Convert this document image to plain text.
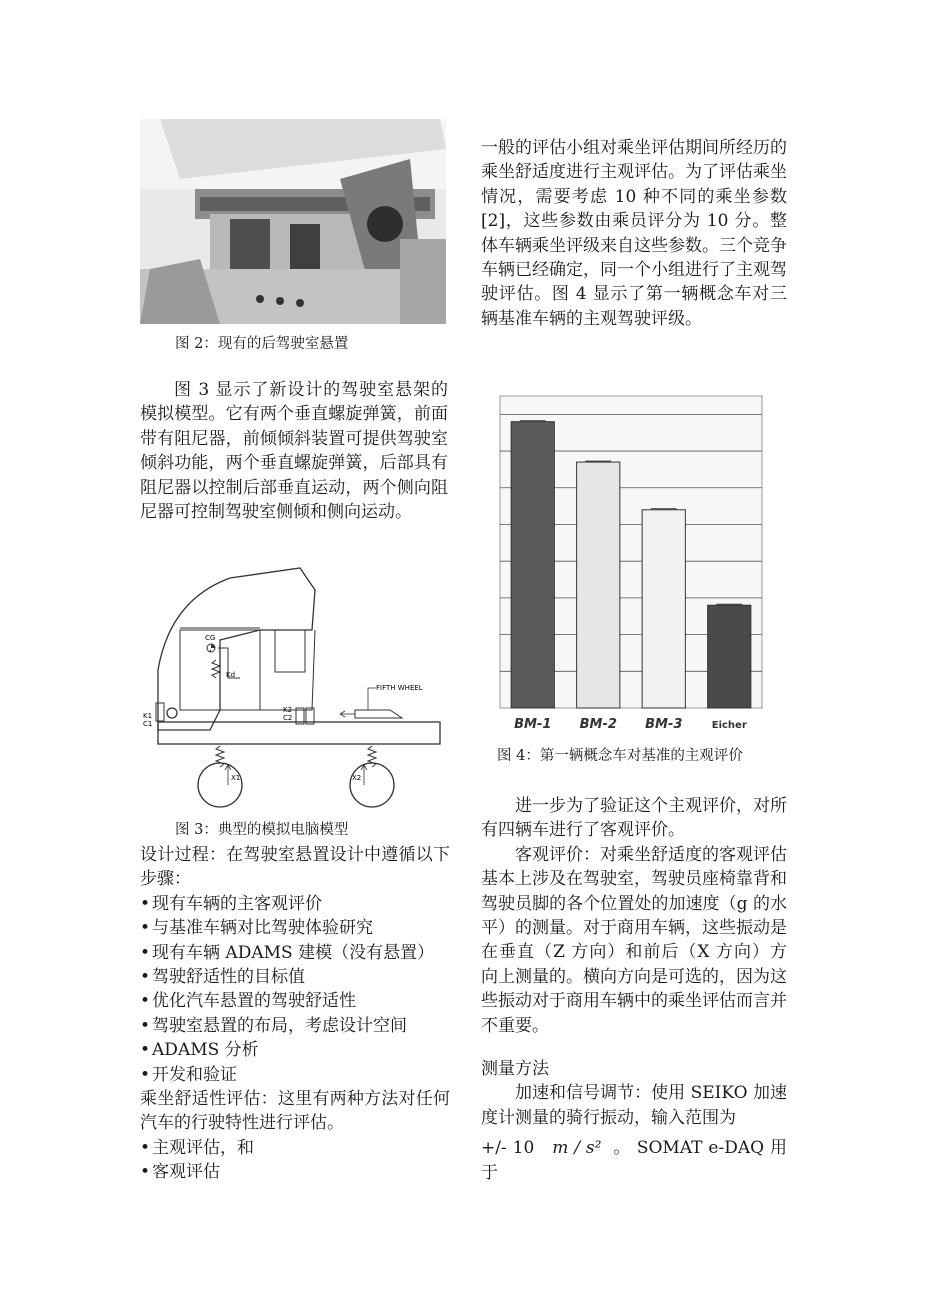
图 2：现有的后驾驶室悬置

图 3 显示了新设计的驾驶室悬架的模拟模型。它有两个垂直螺旋弹簧，前面带有阻尼器，前倾倾斜装置可提供驾驶室倾斜功能，两个垂直螺旋弹簧，后部具有阻尼器以控制后部垂直运动，两个侧向阻尼器可控制驾驶室侧倾和侧向运动。

CG
Kd
K1
C1
K2
C2
FIFTH WHEEL
X1	X2
图 3：典型的模拟电脑模型

设计过程：在驾驶室悬置设计中遵循以下步骤：

• 现有车辆的主客观评价
• 与基准车辆对比驾驶体验研究
• 现有车辆 ADAMS 建模（没有悬置）
• 驾驶舒适性的目标值
• 优化汽车悬置的驾驶舒适性
• 驾驶室悬置的布局，考虑设计空间
• ADAMS 分析
• 开发和验证

乘坐舒适性评估：这里有两种方法对任何汽车的行驶特性进行评估。

• 主观评估，和
• 客观评估

一般的评估小组对乘坐评估期间所经历的乘坐舒适度进行主观评估。为了评估乘坐情况，需要考虑 10 种不同的乘坐参数[2]，这些参数由乘员评分为 10 分。整体车辆乘坐评级来自这些参数。三个竞争车辆已经确定，同一个小组进行了主观驾驶评估。图 4 显示了第一辆概念车对三辆基准车辆的主观驾驶评级。

BM-1 BM-2 BM-3	Eicher
图 4：第一辆概念车对基准的主观评价

进一步为了验证这个主观评价，对所有四辆车进行了客观评价。

客观评价：对乘坐舒适度的客观评估基本上涉及在驾驶室，驾驶员座椅靠背和驾驶员脚的各个位置处的加速度（g 的水平）的测量。对于商用车辆，这些振动是在垂直（Z 方向）和前后（X 方向）方向上测量的。横向方向是可选的，因为这些振动对于商用车辆中的乘坐评估而言并不重要。

测量方法

加速和信号调节：使用 SEIKO 加速度计测量的骑行振动，输入范围为

+/- 10 m / s² 。 SOMAT e-DAQ 用于
